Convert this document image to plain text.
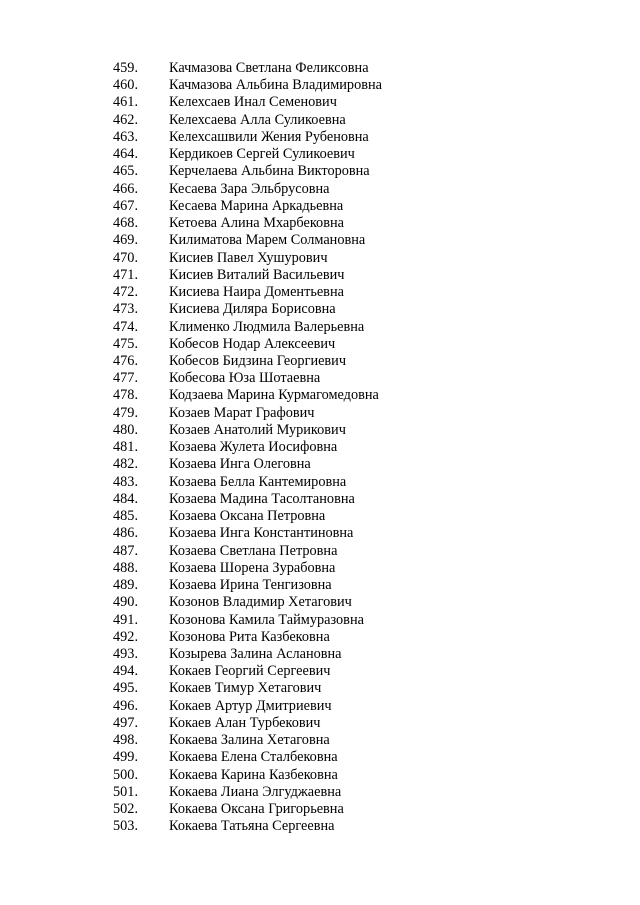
459. Качмазова Светлана Феликсовна
460. Качмазова Альбина Владимировна
461. Келехсаев Инал Семенович
462. Келехсаева Алла Суликоевна
463. Келехсашвили Жения Рубеновна
464. Кердикоев Сергей Суликоевич
465. Керчелаева Альбина Викторовна
466. Кесаева Зара Эльбрусовна
467. Кесаева Марина Аркадьевна
468. Кетоева Алина Мхарбековна
469. Килиматова Марем Солмановна
470. Кисиев Павел Хушурович
471. Кисиев Виталий Васильевич
472. Кисиева Наира Доментьевна
473. Кисиева Диляра Борисовна
474. Клименко Людмила Валерьевна
475. Кобесов Нодар Алексеевич
476. Кобесов Бидзина Георгиевич
477. Кобесова Юза Шотаевна
478. Кодзаева Марина Курмагомедовна
479. Козаев Марат Графович
480. Козаев Анатолий Мурикович
481. Козаева Жулета Иосифовна
482. Козаева Инга Олеговна
483. Козаева Белла Кантемировна
484. Козаева Мадина Тасолтановна
485. Козаева Оксана Петровна
486. Козаева Инга Константиновна
487. Козаева Светлана Петровна
488. Козаева Шорена Зурабовна
489. Козаева Ирина Тенгизовна
490. Козонов Владимир Хетагович
491. Козонова Камила Таймуразовна
492. Козонова Рита Казбековна
493. Козырева Залина Аслановна
494. Кокаев Георгий Сергеевич
495. Кокаев Тимур Хетагович
496. Кокаев Артур Дмитриевич
497. Кокаев Алан Турбекович
498. Кокаева Залина Хетаговна
499. Кокаева Елена Сталбековна
500. Кокаева Карина Казбековна
501. Кокаева Лиана Элгуджаевна
502. Кокаева Оксана Григорьевна
503. Кокаева Татьяна Сергеевна
